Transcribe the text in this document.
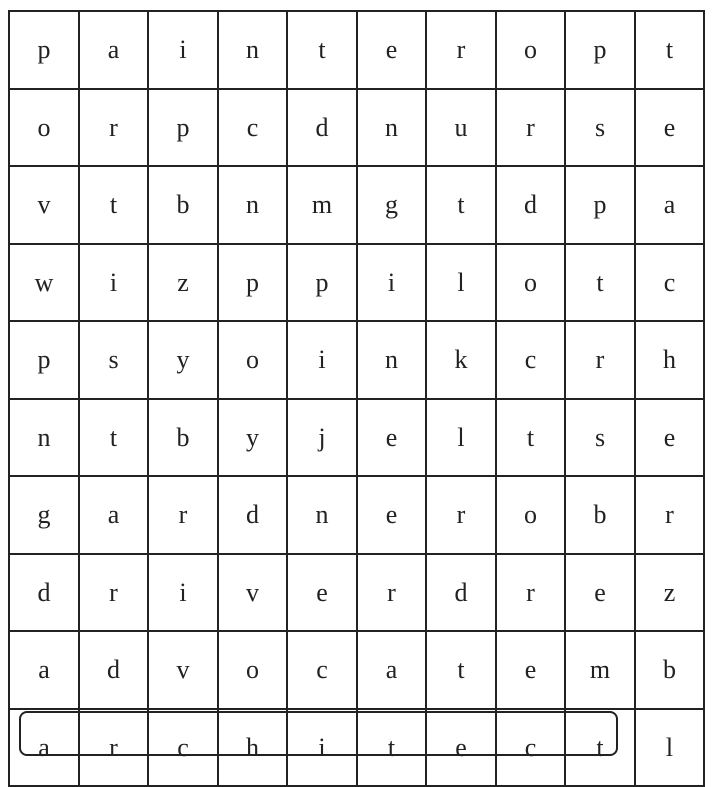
p	a	i	n	t	e	r	o	p	t
o	r	p	c	d	n	u	r	s	e
v	t	b	n	m	g	t	d	p	a
w	i	z	p	p	i	l	o	t	c
p	s	y	o	i	n	k	c	r	h
n	t	b	y	j	e	l	t	s	e
g	a	r	d	n	e	r	o	b	r
d	r	i	v	e	r	d	r	e	z
a	d	v	o	c	a	t	e	m	b
a	r	c	h	i	t	e	c	t	l
